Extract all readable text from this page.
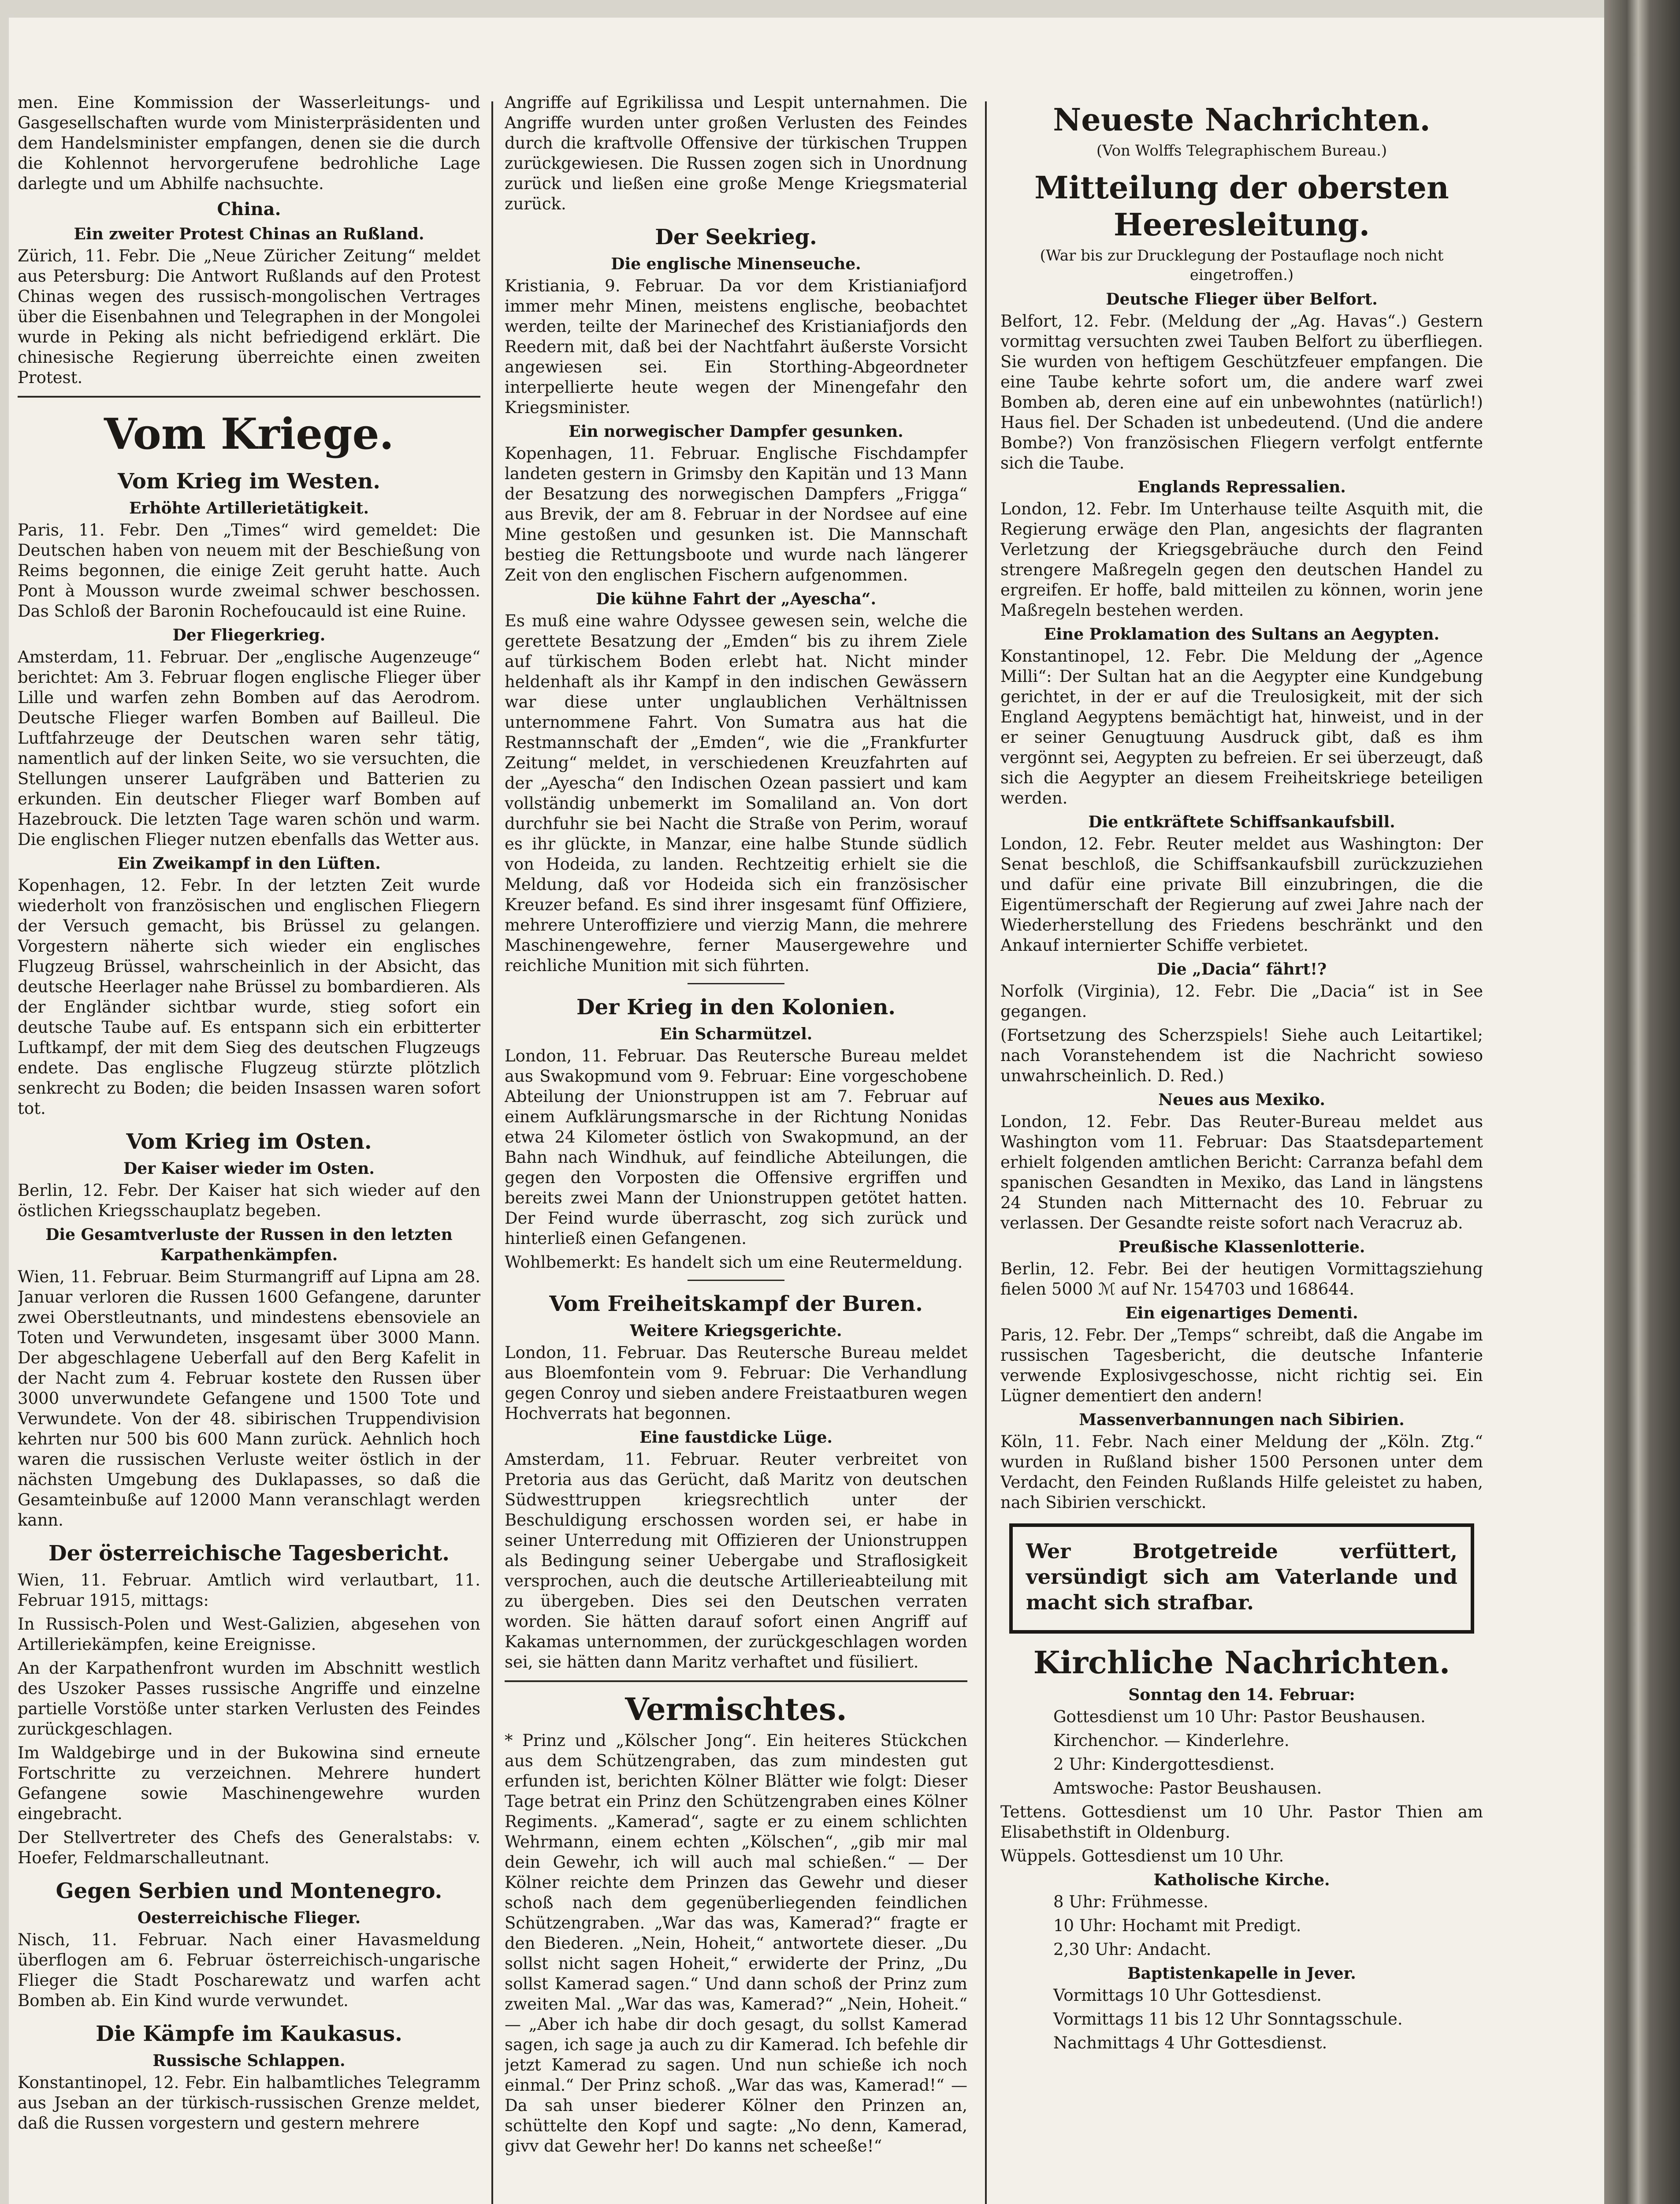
men. Eine Kommission der Wasserleitungs- und Gasgesellschaften wurde vom Ministerpräsidenten und dem Handelsminister empfangen, denen sie die durch die Kohlennot hervorgerufene bedrohliche Lage darlegte und um Abhilfe nachsuchte.

China.
Ein zweiter Protest Chinas an Rußland.

Zürich, 11. Febr. Die „Neue Züricher Zeitung“ meldet aus Petersburg: Die Antwort Rußlands auf den Protest Chinas wegen des russisch-mongolischen Vertrages über die Eisenbahnen und Telegraphen in der Mongolei wurde in Peking als nicht befriedigend erklärt. Die chinesische Regierung überreichte einen zweiten Protest.

Vom Kriege.
Vom Krieg im Westen.
Erhöhte Artillerietätigkeit.

Paris, 11. Febr. Den „Times“ wird gemeldet: Die Deutschen haben von neuem mit der Beschießung von Reims begonnen, die einige Zeit geruht hatte. Auch Pont à Mousson wurde zweimal schwer beschossen. Das Schloß der Baronin Rochefoucauld ist eine Ruine.

Der Fliegerkrieg.

Amsterdam, 11. Februar. Der „englische Augenzeuge“ berichtet: Am 3. Februar flogen englische Flieger über Lille und warfen zehn Bomben auf das Aerodrom. Deutsche Flieger warfen Bomben auf Bailleul. Die Luftfahrzeuge der Deutschen waren sehr tätig, namentlich auf der linken Seite, wo sie versuchten, die Stellungen unserer Laufgräben und Batterien zu erkunden. Ein deutscher Flieger warf Bomben auf Hazebrouck. Die letzten Tage waren schön und warm. Die englischen Flieger nutzen ebenfalls das Wetter aus.

Ein Zweikampf in den Lüften.

Kopenhagen, 12. Febr. In der letzten Zeit wurde wiederholt von französischen und englischen Fliegern der Versuch gemacht, bis Brüssel zu gelangen. Vorgestern näherte sich wieder ein englisches Flugzeug Brüssel, wahrscheinlich in der Absicht, das deutsche Heerlager nahe Brüssel zu bombardieren. Als der Engländer sichtbar wurde, stieg sofort ein deutsche Taube auf. Es entspann sich ein erbitterter Luftkampf, der mit dem Sieg des deutschen Flugzeugs endete. Das englische Flugzeug stürzte plötzlich senkrecht zu Boden; die beiden Insassen waren sofort tot.

Vom Krieg im Osten.
Der Kaiser wieder im Osten.

Berlin, 12. Febr. Der Kaiser hat sich wieder auf den östlichen Kriegsschauplatz begeben.

Die Gesamtverluste der Russen in den letzten Karpathenkämpfen.

Wien, 11. Februar. Beim Sturmangriff auf Lipna am 28. Januar verloren die Russen 1600 Gefangene, darunter zwei Oberstleutnants, und mindestens ebensoviele an Toten und Verwundeten, insgesamt über 3000 Mann. Der abgeschlagene Ueberfall auf den Berg Kafelit in der Nacht zum 4. Februar kostete den Russen über 3000 unverwundete Gefangene und 1500 Tote und Verwundete. Von der 48. sibirischen Truppendivision kehrten nur 500 bis 600 Mann zurück. Aehnlich hoch waren die russischen Verluste weiter östlich in der nächsten Umgebung des Duklapasses, so daß die Gesamteinbuße auf 12000 Mann veranschlagt werden kann.

Der österreichische Tagesbericht.

Wien, 11. Februar. Amtlich wird verlautbart, 11. Februar 1915, mittags:

In Russisch-Polen und West-Galizien, abgesehen von Artilleriekämpfen, keine Ereignisse.

An der Karpathenfront wurden im Abschnitt westlich des Uszoker Passes russische Angriffe und einzelne partielle Vorstöße unter starken Verlusten des Feindes zurückgeschlagen.

Im Waldgebirge und in der Bukowina sind erneute Fortschritte zu verzeichnen. Mehrere hundert Gefangene sowie Maschinengewehre wurden eingebracht.

Der Stellvertreter des Chefs des Generalstabs: v. Hoefer, Feldmarschalleutnant.

Gegen Serbien und Montenegro.
Oesterreichische Flieger.

Nisch, 11. Februar. Nach einer Havasmeldung überflogen am 6. Februar österreichisch-ungarische Flieger die Stadt Poscharewatz und warfen acht Bomben ab. Ein Kind wurde verwundet.

Die Kämpfe im Kaukasus.
Russische Schlappen.

Konstantinopel, 12. Febr. Ein halbamtliches Telegramm aus Jseban an der türkisch-russischen Grenze meldet, daß die Russen vorgestern und gestern mehrere

Angriffe auf Egrikilissa und Lespit unternahmen. Die Angriffe wurden unter großen Verlusten des Feindes durch die kraftvolle Offensive der türkischen Truppen zurückgewiesen. Die Russen zogen sich in Unordnung zurück und ließen eine große Menge Kriegsmaterial zurück.

Der Seekrieg.
Die englische Minenseuche.

Kristiania, 9. Februar. Da vor dem Kristianiafjord immer mehr Minen, meistens englische, beobachtet werden, teilte der Marinechef des Kristianiafjords den Reedern mit, daß bei der Nachtfahrt äußerste Vorsicht angewiesen sei. Ein Storthing-Abgeordneter interpellierte heute wegen der Minengefahr den Kriegsminister.

Ein norwegischer Dampfer gesunken.

Kopenhagen, 11. Februar. Englische Fischdampfer landeten gestern in Grimsby den Kapitän und 13 Mann der Besatzung des norwegischen Dampfers „Frigga“ aus Brevik, der am 8. Februar in der Nordsee auf eine Mine gestoßen und gesunken ist. Die Mannschaft bestieg die Rettungsboote und wurde nach längerer Zeit von den englischen Fischern aufgenommen.

Die kühne Fahrt der „Ayescha“.

Es muß eine wahre Odyssee gewesen sein, welche die gerettete Besatzung der „Emden“ bis zu ihrem Ziele auf türkischem Boden erlebt hat. Nicht minder heldenhaft als ihr Kampf in den indischen Gewässern war diese unter unglaublichen Verhältnissen unternommene Fahrt. Von Sumatra aus hat die Restmannschaft der „Emden“, wie die „Frankfurter Zeitung“ meldet, in verschiedenen Kreuzfahrten auf der „Ayescha“ den Indischen Ozean passiert und kam vollständig unbemerkt im Somaliland an. Von dort durchfuhr sie bei Nacht die Straße von Perim, worauf es ihr glückte, in Manzar, eine halbe Stunde südlich von Hodeida, zu landen. Rechtzeitig erhielt sie die Meldung, daß vor Hodeida sich ein französischer Kreuzer befand. Es sind ihrer insgesamt fünf Offiziere, mehrere Unteroffiziere und vierzig Mann, die mehrere Maschinengewehre, ferner Mausergewehre und reichliche Munition mit sich führten.

Der Krieg in den Kolonien.
Ein Scharmützel.

London, 11. Februar. Das Reutersche Bureau meldet aus Swakopmund vom 9. Februar: Eine vorgeschobene Abteilung der Unionstruppen ist am 7. Februar auf einem Aufklärungsmarsche in der Richtung Nonidas etwa 24 Kilometer östlich von Swakopmund, an der Bahn nach Windhuk, auf feindliche Abteilungen, die gegen den Vorposten die Offensive ergriffen und bereits zwei Mann der Unionstruppen getötet hatten. Der Feind wurde überrascht, zog sich zurück und hinterließ einen Gefangenen.

Wohlbemerkt: Es handelt sich um eine Reutermeldung.

Vom Freiheitskampf der Buren.
Weitere Kriegsgerichte.

London, 11. Februar. Das Reutersche Bureau meldet aus Bloemfontein vom 9. Februar: Die Verhandlung gegen Conroy und sieben andere Freistaatburen wegen Hochverrats hat begonnen.

Eine faustdicke Lüge.

Amsterdam, 11. Februar. Reuter verbreitet von Pretoria aus das Gerücht, daß Maritz von deutschen Südwesttruppen kriegsrechtlich unter der Beschuldigung erschossen worden sei, er habe in seiner Unterredung mit Offizieren der Unionstruppen als Bedingung seiner Uebergabe und Straflosigkeit versprochen, auch die deutsche Artillerieabteilung mit zu übergeben. Dies sei den Deutschen verraten worden. Sie hätten darauf sofort einen Angriff auf Kakamas unternommen, der zurückgeschlagen worden sei, sie hätten dann Maritz verhaftet und füsiliert.

Vermischtes.

* Prinz und „Kölscher Jong“. Ein heiteres Stückchen aus dem Schützengraben, das zum mindesten gut erfunden ist, berichten Kölner Blätter wie folgt: Dieser Tage betrat ein Prinz den Schützengraben eines Kölner Regiments. „Kamerad“, sagte er zu einem schlichten Wehrmann, einem echten „Kölschen“, „gib mir mal dein Gewehr, ich will auch mal schießen.“ — Der Kölner reichte dem Prinzen das Gewehr und dieser schoß nach dem gegenüberliegenden feindlichen Schützengraben. „War das was, Kamerad?“ fragte er den Biederen. „Nein, Hoheit,“ antwortete dieser. „Du sollst nicht sagen Hoheit,“ erwiderte der Prinz, „Du sollst Kamerad sagen.“ Und dann schoß der Prinz zum zweiten Mal. „War das was, Kamerad?“ „Nein, Hoheit.“ — „Aber ich habe dir doch gesagt, du sollst Kamerad sagen, ich sage ja auch zu dir Kamerad. Ich befehle dir jetzt Kamerad zu sagen. Und nun schieße ich noch einmal.“ Der Prinz schoß. „War das was, Kamerad!“ — Da sah unser biederer Kölner den Prinzen an, schüttelte den Kopf und sagte: „No denn, Kamerad, givv dat Gewehr her! Do kanns net scheeße!“

Neueste Nachrichten.
(Von Wolffs Telegraphischem Bureau.)
Mitteilung der obersten Heeresleitung.
(War bis zur Drucklegung der Postauflage noch nicht eingetroffen.)
Deutsche Flieger über Belfort.

Belfort, 12. Febr. (Meldung der „Ag. Havas“.) Gestern vormittag versuchten zwei Tauben Belfort zu überfliegen. Sie wurden von heftigem Geschützfeuer empfangen. Die eine Taube kehrte sofort um, die andere warf zwei Bomben ab, deren eine auf ein unbewohntes (natürlich!) Haus fiel. Der Schaden ist unbedeutend. (Und die andere Bombe?) Von französischen Fliegern verfolgt entfernte sich die Taube.

Englands Repressalien.

London, 12. Febr. Im Unterhause teilte Asquith mit, die Regierung erwäge den Plan, angesichts der flagranten Verletzung der Kriegsgebräuche durch den Feind strengere Maßregeln gegen den deutschen Handel zu ergreifen. Er hoffe, bald mitteilen zu können, worin jene Maßregeln bestehen werden.

Eine Proklamation des Sultans an Aegypten.

Konstantinopel, 12. Febr. Die Meldung der „Agence Milli“: Der Sultan hat an die Aegypter eine Kundgebung gerichtet, in der er auf die Treulosigkeit, mit der sich England Aegyptens bemächtigt hat, hinweist, und in der er seiner Genugtuung Ausdruck gibt, daß es ihm vergönnt sei, Aegypten zu befreien. Er sei überzeugt, daß sich die Aegypter an diesem Freiheitskriege beteiligen werden.

Die entkräftete Schiffsankaufsbill.

London, 12. Febr. Reuter meldet aus Washington: Der Senat beschloß, die Schiffsankaufsbill zurückzuziehen und dafür eine private Bill einzubringen, die die Eigentümerschaft der Regierung auf zwei Jahre nach der Wiederherstellung des Friedens beschränkt und den Ankauf internierter Schiffe verbietet.

Die „Dacia“ fährt!?

Norfolk (Virginia), 12. Febr. Die „Dacia“ ist in See gegangen.

(Fortsetzung des Scherzspiels! Siehe auch Leitartikel; nach Voranstehendem ist die Nachricht sowieso unwahrscheinlich. D. Red.)

Neues aus Mexiko.

London, 12. Febr. Das Reuter-Bureau meldet aus Washington vom 11. Februar: Das Staatsdepartement erhielt folgenden amtlichen Bericht: Carranza befahl dem spanischen Gesandten in Mexiko, das Land in längstens 24 Stunden nach Mitternacht des 10. Februar zu verlassen. Der Gesandte reiste sofort nach Veracruz ab.

Preußische Klassenlotterie.

Berlin, 12. Febr. Bei der heutigen Vormittagsziehung fielen 5000 ℳ auf Nr. 154703 und 168644.

Ein eigenartiges Dementi.

Paris, 12. Febr. Der „Temps“ schreibt, daß die Angabe im russischen Tagesbericht, die deutsche Infanterie verwende Explosivgeschosse, nicht richtig sei. Ein Lügner dementiert den andern!

Massenverbannungen nach Sibirien.

Köln, 11. Febr. Nach einer Meldung der „Köln. Ztg.“ wurden in Rußland bisher 1500 Personen unter dem Verdacht, den Feinden Rußlands Hilfe geleistet zu haben, nach Sibirien verschickt.

Wer Brotgetreide verfüttert, versündigt sich am Vaterlande und macht sich strafbar.

Kirchliche Nachrichten.
Sonntag den 14. Februar:

Gottesdienst um 10 Uhr: Pastor Beushausen.

Kirchenchor. — Kinderlehre.

2 Uhr: Kindergottesdienst.

Amtswoche: Pastor Beushausen.

Tettens. Gottesdienst um 10 Uhr. Pastor Thien am Elisabethstift in Oldenburg.

Wüppels. Gottesdienst um 10 Uhr.

Katholische Kirche.

8 Uhr: Frühmesse.

10 Uhr: Hochamt mit Predigt.

2,30 Uhr: Andacht.

Baptistenkapelle in Jever.

Vormittags 10 Uhr Gottesdienst.

Vormittags 11 bis 12 Uhr Sonntagsschule.

Nachmittags 4 Uhr Gottesdienst.
